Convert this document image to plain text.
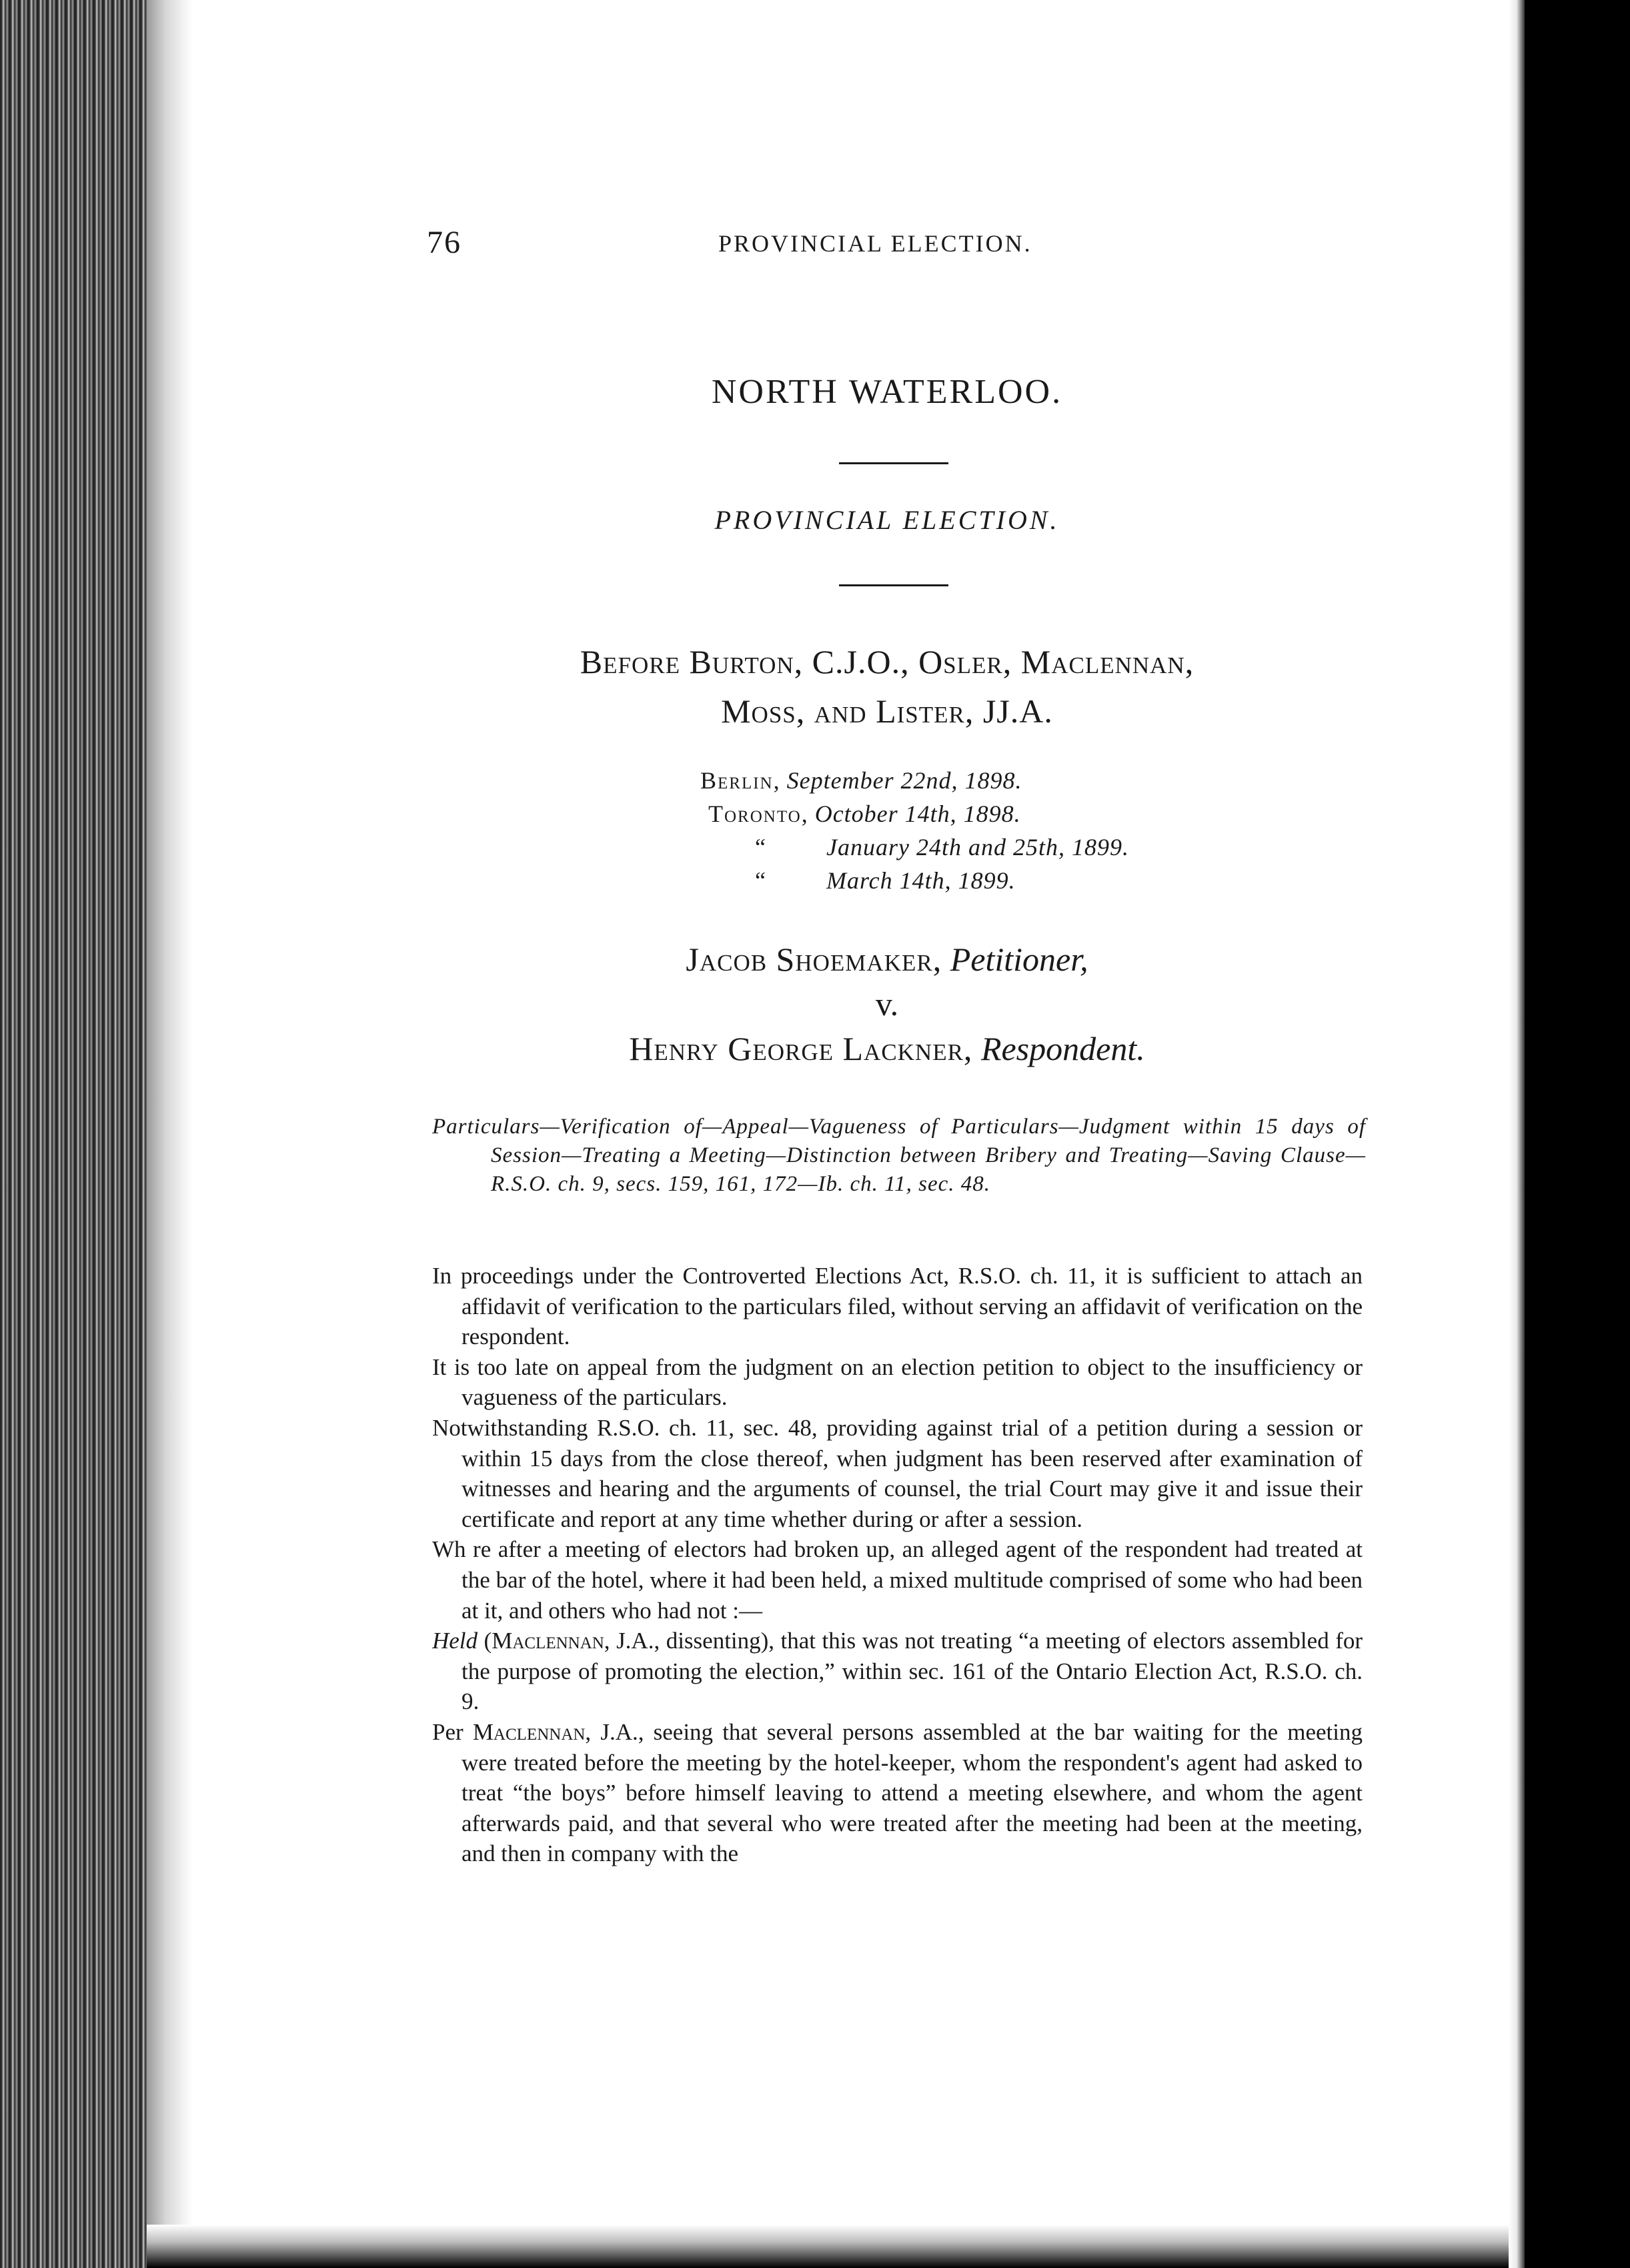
76	PROVINCIAL ELECTION.
NORTH WATERLOO.
PROVINCIAL ELECTION.
Before Burton, C.J.O., Osler, Maclennan,
Moss, and Lister, JJ.A.
Berlin, September 22nd, 1898.
Toronto, October 14th, 1898.
“ January 24th and 25th, 1899.
“ March 14th, 1899.
Jacob Shoemaker, Petitioner,
v.
Henry George Lackner, Respondent.
Particulars—Verification of—Appeal—Vagueness of Particulars—Judgment within 15 days of Session—Treating a Meeting—Distinction between Bribery and Treating—Saving Clause—R.S.O. ch. 9, secs. 159, 161, 172—Ib. ch. 11, sec. 48.

In proceedings under the Controverted Elections Act, R.S.O. ch. 11, it is sufficient to attach an affidavit of verification to the particulars filed, without serving an affidavit of verification on the respondent.

It is too late on appeal from the judgment on an election petition to object to the insufficiency or vagueness of the particulars.

Notwithstanding R.S.O. ch. 11, sec. 48, providing against trial of a petition during a session or within 15 days from the close thereof, when judgment has been reserved after examination of witnesses and hearing and the arguments of counsel, the trial Court may give it and issue their certificate and report at any time whether during or after a session.

Wh re after a meeting of electors had broken up, an alleged agent of the respondent had treated at the bar of the hotel, where it had been held, a mixed multitude comprised of some who had been at it, and others who had not :—

Held (Maclennan, J.A., dissenting), that this was not treating “a meeting of electors assembled for the purpose of promoting the election,” within sec. 161 of the Ontario Election Act, R.S.O. ch. 9.

Per Maclennan, J.A., seeing that several persons assembled at the bar waiting for the meeting were treated before the meeting by the hotel-keeper, whom the respondent's agent had asked to treat “the boys” before himself leaving to attend a meeting elsewhere, and whom the agent afterwards paid, and that several who were treated after the meeting had been at the meeting, and then in company with the
